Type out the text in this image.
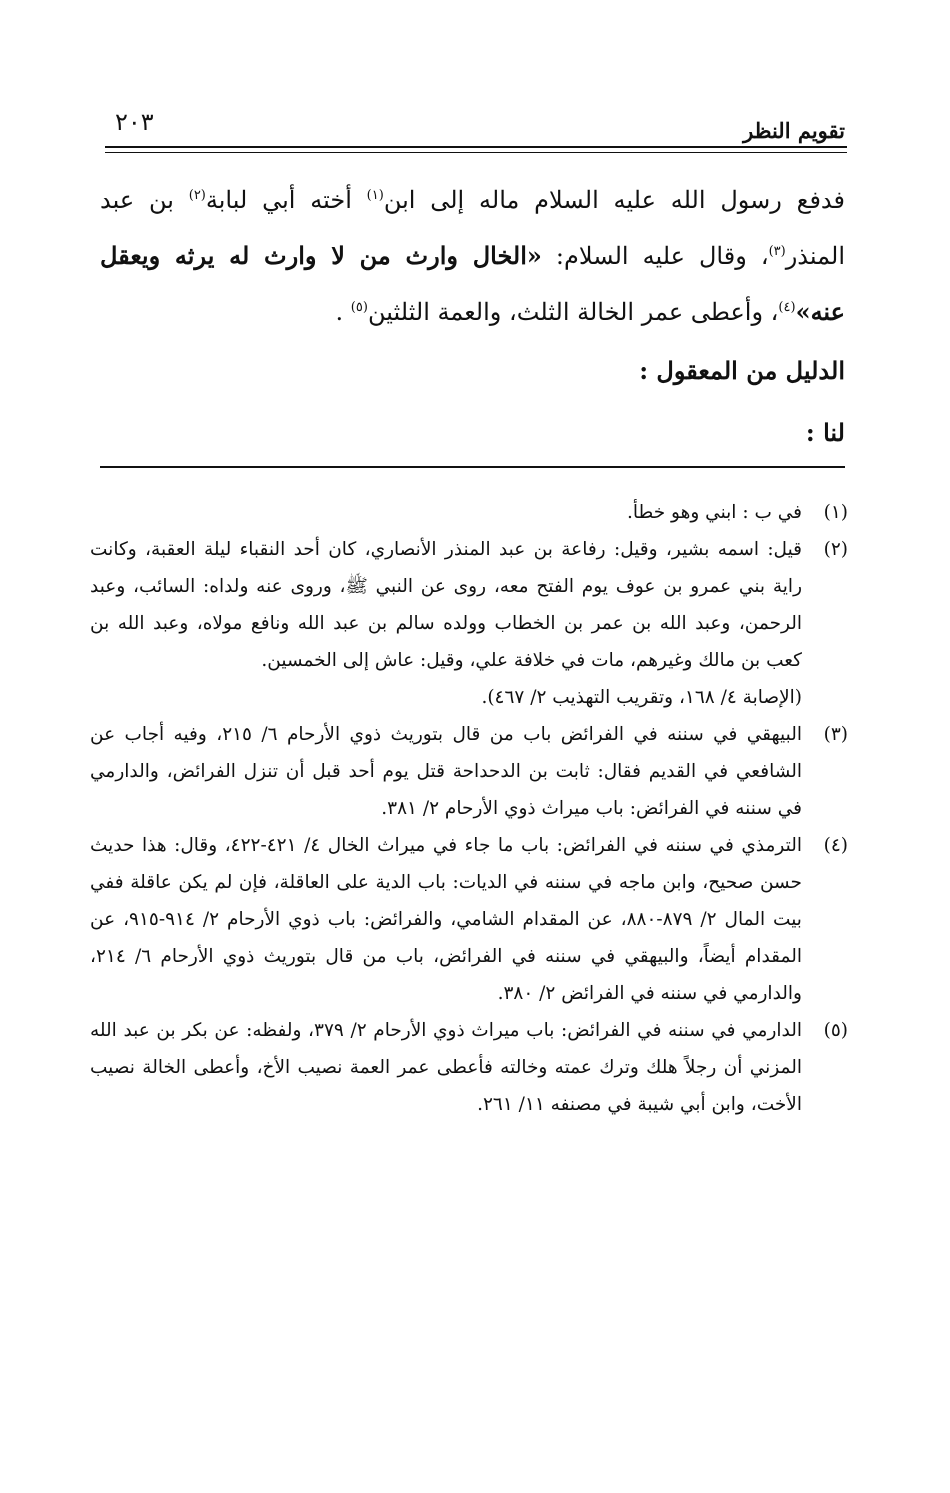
تقويم النظر
٢٠٣

فدفع رسول الله عليه السلام ماله إلى ابن$^{(١)}$ أخته أبي لبابة$^{(٢)}$ بن عبد المنذر$^{(٣)}$، وقال عليه السلام: «الخال وارث من لا وارث له يرثه ويعقل عنه»$^{(٤)}$، وأعطى عمر الخالة الثلث، والعمة الثلثين$^{(٥)}$ .

الدليل من المعقول :

لنا :

(١)
في ب : ابني وهو خطأ.

(٢)
قيل: اسمه بشير، وقيل: رفاعة بن عبد المنذر الأنصاري، كان أحد النقباء ليلة العقبة، وكانت راية بني عمرو بن عوف يوم الفتح معه، روى عن النبي ﷺ، وروى عنه ولداه: السائب، وعبد الرحمن، وعبد الله بن عمر بن الخطاب وولده سالم بن عبد الله ونافع مولاه، وعبد الله بن كعب بن مالك وغيرهم، مات في خلافة علي، وقيل: عاش إلى الخمسين.

(الإصابة ٤/ ١٦٨، وتقريب التهذيب ٢/ ٤٦٧).

(٣)
البيهقي في سننه في الفرائض باب من قال بتوريث ذوي الأرحام ٦/ ٢١٥، وفيه أجاب عن الشافعي في القديم فقال: ثابت بن الدحداحة قتل يوم أحد قبل أن تنزل الفرائض، والدارمي في سننه في الفرائض: باب ميراث ذوي الأرحام ٢/ ٣٨١.

(٤)
الترمذي في سننه في الفرائض: باب ما جاء في ميراث الخال ٤/ ٤٢١-٤٢٢، وقال: هذا حديث حسن صحيح، وابن ماجه في سننه في الديات: باب الدية على العاقلة، فإن لم يكن عاقلة ففي بيت المال ٢/ ٨٧٩-٨٨٠، عن المقدام الشامي، والفرائض: باب ذوي الأرحام ٢/ ٩١٤-٩١٥، عن المقدام أيضاً، والبيهقي في سننه في الفرائض، باب من قال بتوريث ذوي الأرحام ٦/ ٢١٤، والدارمي في سننه في الفرائض ٢/ ٣٨٠.

(٥)
الدارمي في سننه في الفرائض: باب ميراث ذوي الأرحام ٢/ ٣٧٩، ولفظه: عن بكر بن عبد الله المزني أن رجلاً هلك وترك عمته وخالته فأعطى عمر العمة نصيب الأخ، وأعطى الخالة نصيب الأخت، وابن أبي شيبة في مصنفه ١١/ ٢٦١.
